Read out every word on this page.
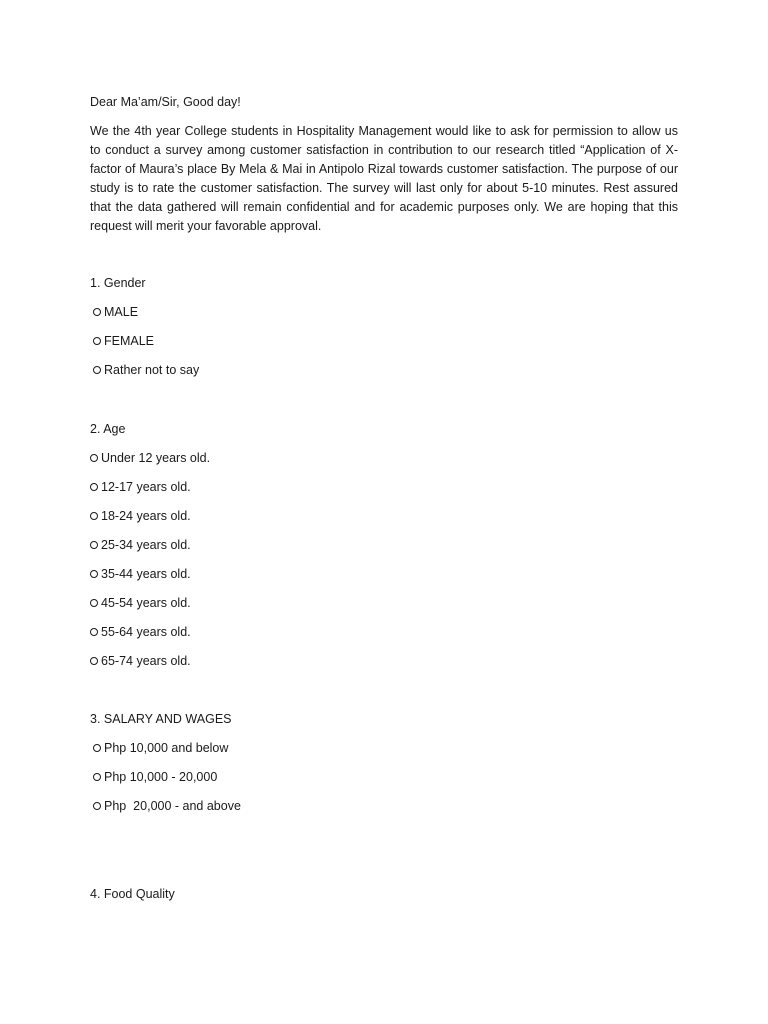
Dear Ma’am/Sir, Good day!

We the 4th year College students in Hospitality Management would like to ask for permission to allow us to conduct a survey among customer satisfaction in contribution to our research titled “Application of X-factor of Maura’s place By Mela & Mai in Antipolo Rizal towards customer satisfaction. The purpose of our study is to rate the customer satisfaction. The survey will last only for about 5-10 minutes. Rest assured that the data gathered will remain confidential and for academic purposes only. We are hoping that this request will merit your favorable approval.

1. Gender
MALE
FEMALE
Rather not to say
2. Age
Under 12 years old.
12-17 years old.
18-24 years old.
25-34 years old.
35-44 years old.
45-54 years old.
55-64 years old.
65-74 years old.
3. SALARY AND WAGES
Php 10,000 and below
Php 10,000 - 20,000
Php  20,000 - and above
4. Food Quality
